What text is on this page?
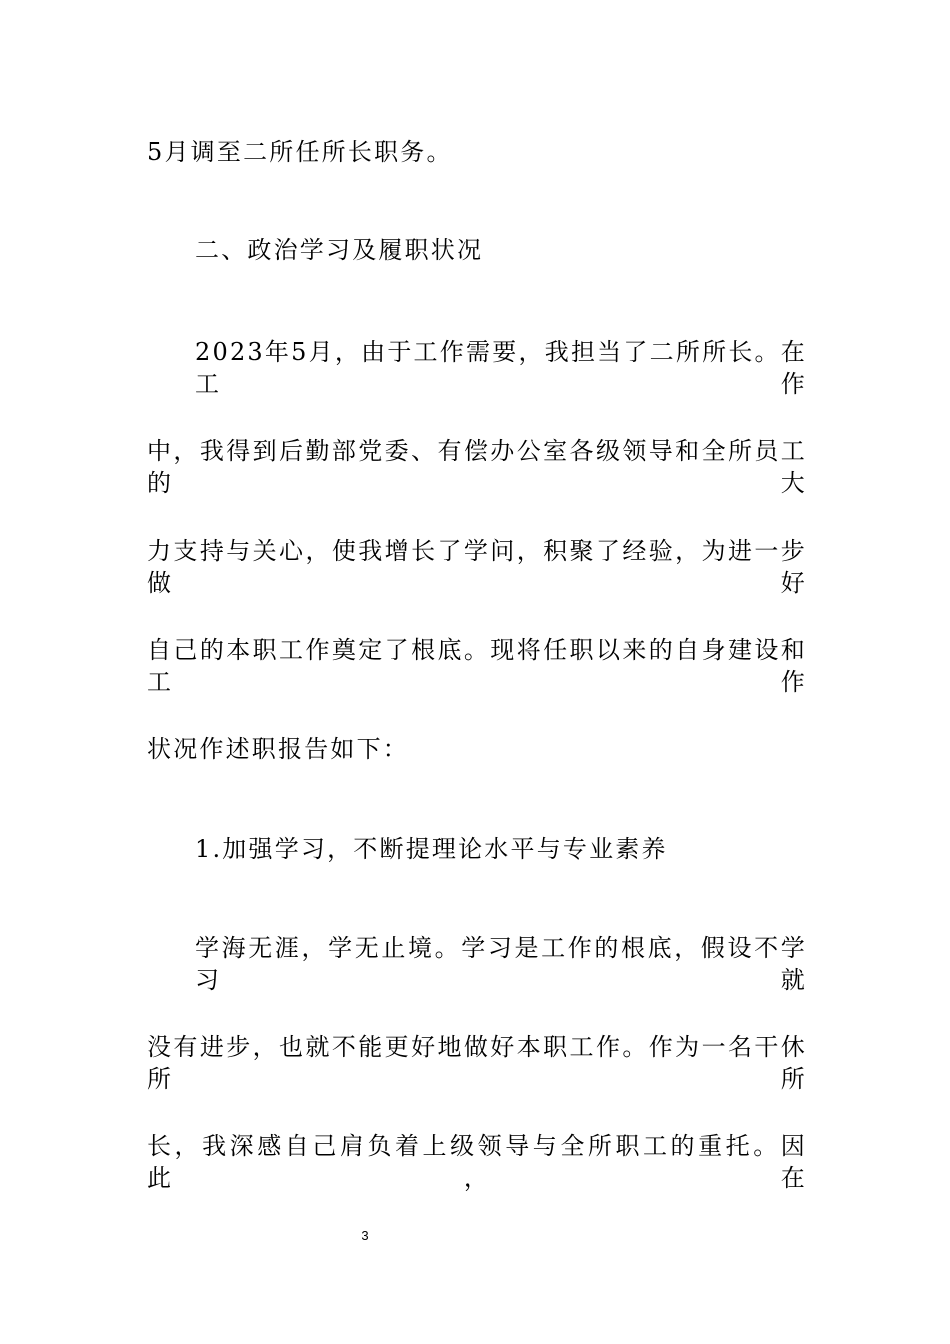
5月调至二所任所长职务。
二、政治学习及履职状况
2023年5月，由于工作需要，我担当了二所所长。在工作
中，我得到后勤部党委、有偿办公室各级领导和全所员工的大
力支持与关心，使我增长了学问，积聚了经验，为进一步做好
自己的本职工作奠定了根底。现将任职以来的自身建设和工作
状况作述职报告如下：
1.加强学习，不断提理论水平与专业素养
学海无涯，学无止境。学习是工作的根底，假设不学习就
没有进步，也就不能更好地做好本职工作。作为一名干休所所
长，我深感自己肩负着上级领导与全所职工的重托。因此，在
3
